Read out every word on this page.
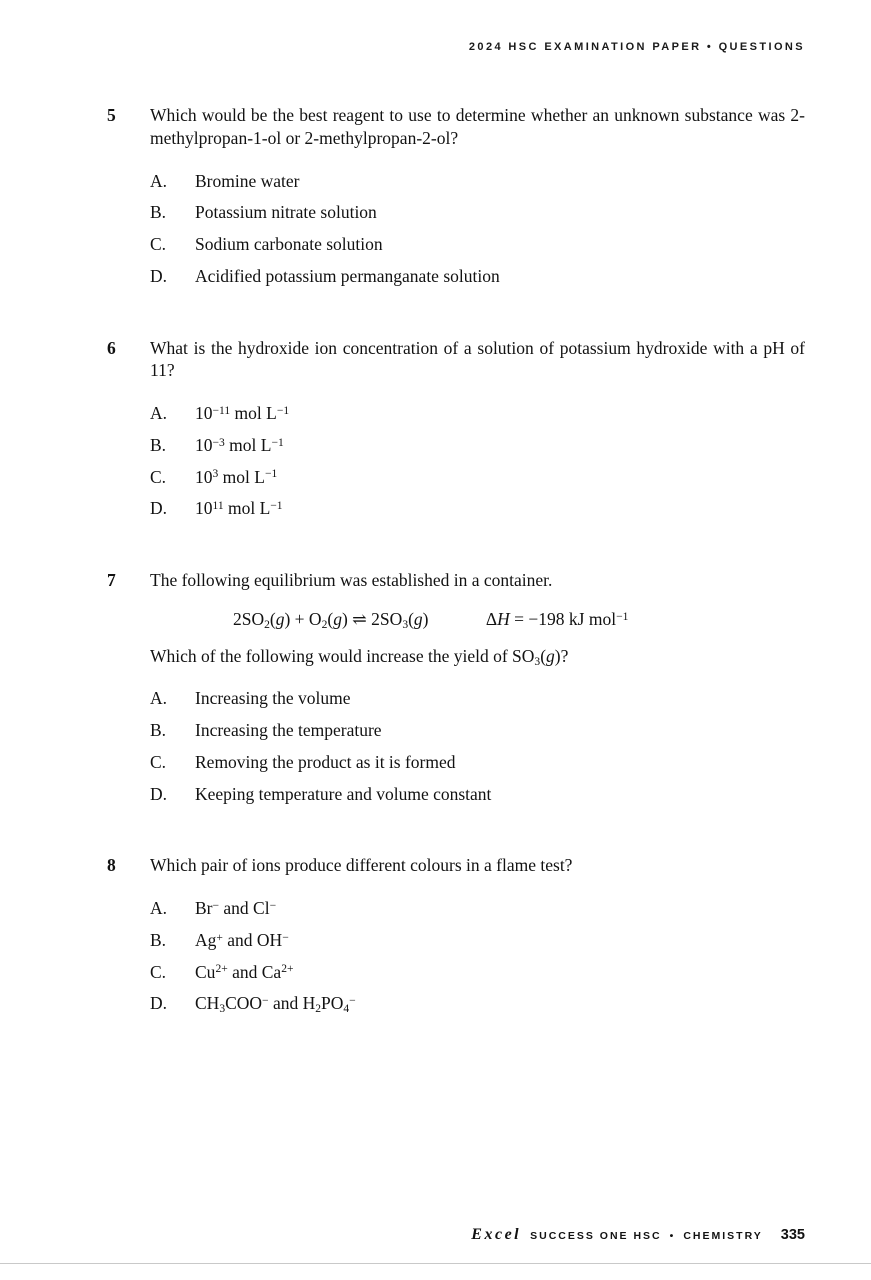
2024 HSC EXAMINATION PAPER • QUESTIONS
5	Which would be the best reagent to use to determine whether an unknown substance was 2-methylpropan-1-ol or 2-methylpropan-2-ol?

A.	Bromine water
B.	Potassium nitrate solution
C.	Sodium carbonate solution
D.	Acidified potassium permanganate solution
6	What is the hydroxide ion concentration of a solution of potassium hydroxide with a pH of 11?

A.	$10^{-11}$ mol $L^{-1}$
B.	$10^{-3}$ mol $L^{-1}$
C.	$10^3$ mol $L^{-1}$
D.	$10^{11}$ mol $L^{-1}$
7	The following equilibrium was established in a container.

$2SO_2(g) + O_2(g)$ ⇌ $2SO_3(g)$	ΔH = −198 kJ mol$^{-1}$

Which of the following would increase the yield of $SO_3(g)$?

A.	Increasing the volume
B.	Increasing the temperature
C.	Removing the product as it is formed
D.	Keeping temperature and volume constant
8	Which pair of ions produce different colours in a flame test?

A.	Br− and Cl−
B.	Ag+ and OH−
C.	$Cu^{2+}$ and $Ca^{2+}$
D.	$CH_3COO^-$ and $H_2PO_4^-$
Excel SUCCESS ONE HSC • CHEMISTRY 335
